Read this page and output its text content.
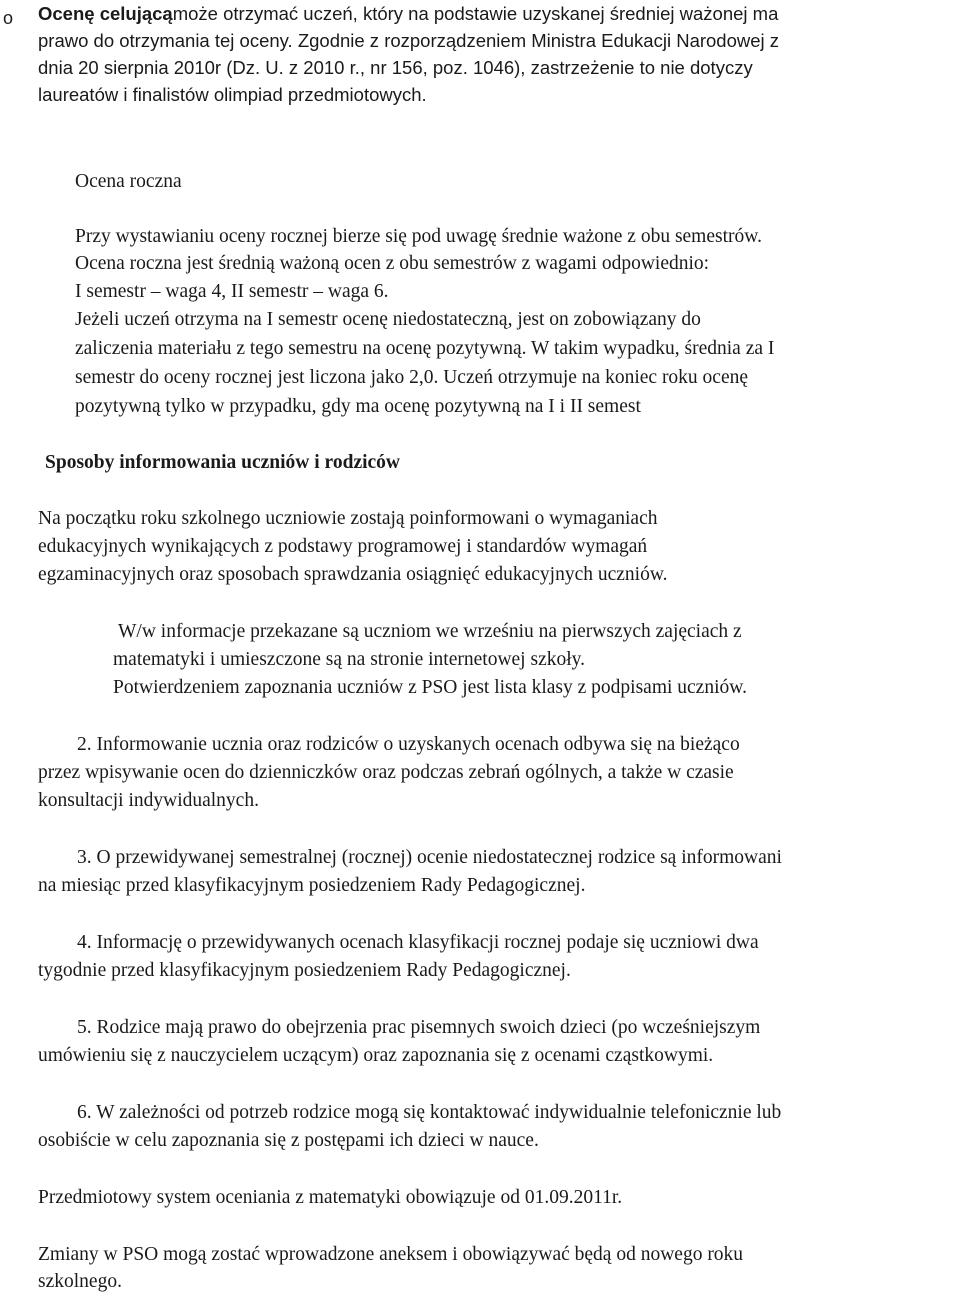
o Ocenę celującąmoże otrzymać uczeń, który na podstawie uzyskanej średniej ważonej ma

prawo do otrzymania tej oceny. Zgodnie z rozporządzeniem Ministra Edukacji Narodowej z

dnia 20 sierpnia 2010r (Dz. U. z 2010 r., nr 156, poz. 1046), zastrzeżenie to nie dotyczy

laureatów i finalistów olimpiad przedmiotowych.

Ocena roczna

Przy wystawianiu oceny rocznej bierze się pod uwagę średnie ważone z obu semestrów.

Ocena roczna jest średnią ważoną ocen z obu semestrów z wagami odpowiednio:

I semestr – waga 4, II semestr – waga 6.

Jeżeli uczeń otrzyma na I semestr ocenę niedostateczną, jest on zobowiązany do

zaliczenia materiału z tego semestru na ocenę pozytywną. W takim wypadku, średnia za I

semestr do oceny rocznej jest liczona jako 2,0. Uczeń otrzymuje na koniec roku ocenę

pozytywną tylko w przypadku, gdy ma ocenę pozytywną na I i II semest

Sposoby informowania uczniów i rodziców

Na początku roku szkolnego uczniowie zostają poinformowani o wymaganiach

edukacyjnych wynikających z podstawy programowej i standardów wymagań

egzaminacyjnych oraz sposobach sprawdzania osiągnięć edukacyjnych uczniów.

W/w informacje przekazane są uczniom we wrześniu na pierwszych zajęciach z

matematyki i umieszczone są na stronie internetowej szkoły.

Potwierdzeniem zapoznania uczniów z PSO jest lista klasy z podpisami uczniów.

2. Informowanie ucznia oraz rodziców o uzyskanych ocenach odbywa się na bieżąco

przez wpisywanie ocen do dzienniczków oraz podczas zebrań ogólnych, a także w czasie

konsultacji indywidualnych.

3. O przewidywanej semestralnej (rocznej) ocenie niedostatecznej rodzice są informowani

na miesiąc przed klasyfikacyjnym posiedzeniem Rady Pedagogicznej.

4. Informację o przewidywanych ocenach klasyfikacji rocznej podaje się uczniowi dwa

tygodnie przed klasyfikacyjnym posiedzeniem Rady Pedagogicznej.

5. Rodzice mają prawo do obejrzenia prac pisemnych swoich dzieci (po wcześniejszym

umówieniu się z nauczycielem uczącym) oraz zapoznania się z ocenami cząstkowymi.

6. W zależności od potrzeb rodzice mogą się kontaktować indywidualnie telefonicznie lub

osobiście w celu zapoznania się z postępami ich dzieci w nauce.

Przedmiotowy system oceniania z matematyki obowiązuje od 01.09.2011r.

Zmiany w PSO mogą zostać wprowadzone aneksem i obowiązywać będą od nowego roku

szkolnego.
